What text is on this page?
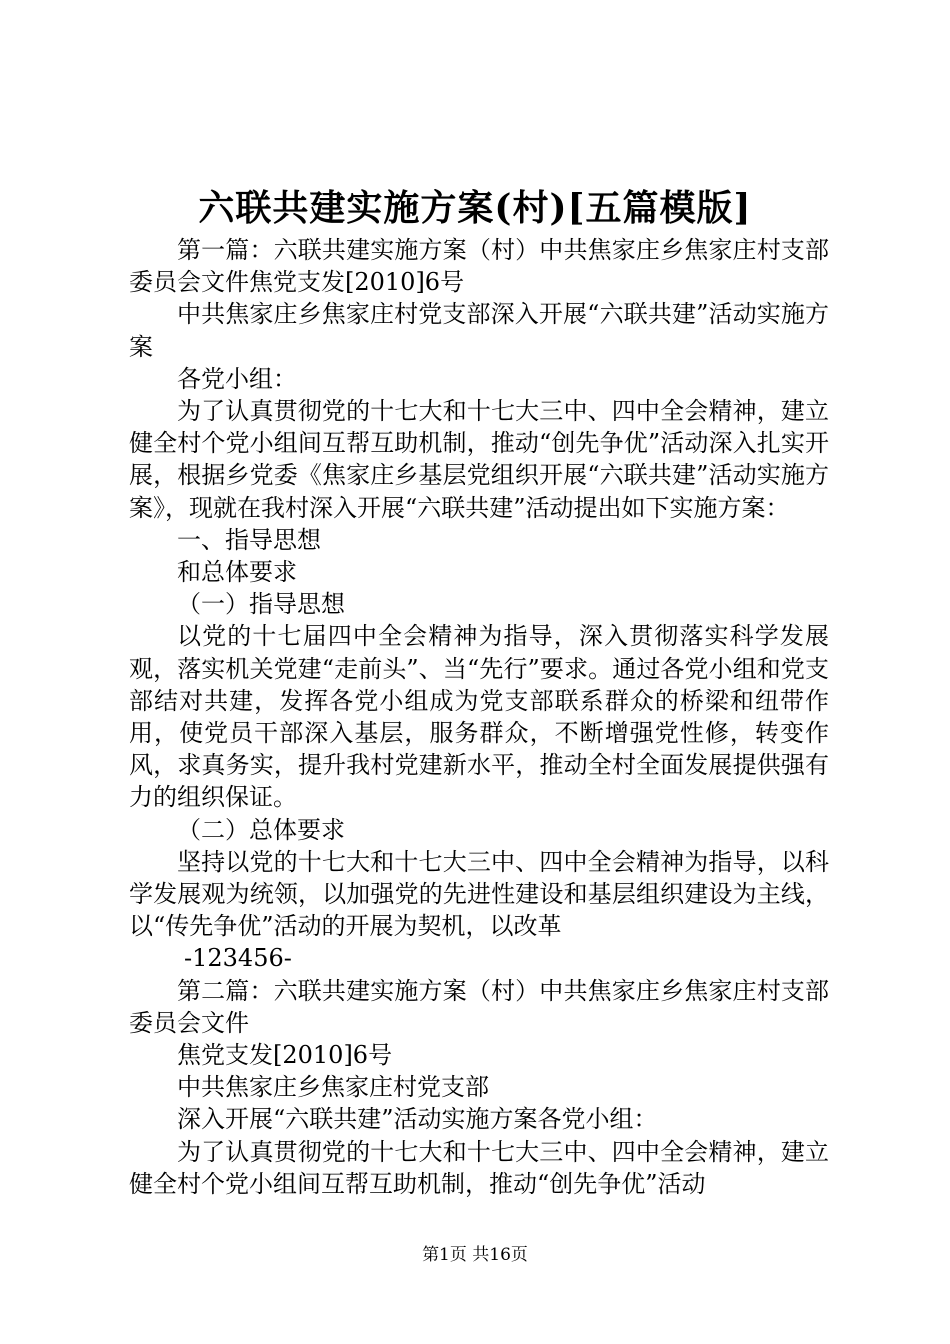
六联共建实施方案(村)[五篇模版]

第一篇：六联共建实施方案（村）中共焦家庄乡焦家庄村支部委员会文件焦党支发[2010]6号

中共焦家庄乡焦家庄村党支部深入开展“六联共建”活动实施方案

各党小组：

为了认真贯彻党的十七大和十七大三中、四中全会精神，建立健全村个党小组间互帮互助机制，推动“创先争优”活动深入扎实开展，根据乡党委《焦家庄乡基层党组织开展“六联共建”活动实施方案》，现就在我村深入开展“六联共建”活动提出如下实施方案：

一、指导思想

和总体要求

（一）指导思想

以党的十七届四中全会精神为指导，深入贯彻落实科学发展观，落实机关党建“走前头”、当“先行”要求。通过各党小组和党支部结对共建，发挥各党小组成为党支部联系群众的桥梁和纽带作用，使党员干部深入基层，服务群众，不断增强党性修，转变作风，求真务实，提升我村党建新水平，推动全村全面发展提供强有力的组织保证。

（二）总体要求

坚持以党的十七大和十七大三中、四中全会精神为指导，以科学发展观为统领，以加强党的先进性建设和基层组织建设为主线，以“传先争优”活动的开展为契机，以改革

-123456-

第二篇：六联共建实施方案（村）中共焦家庄乡焦家庄村支部委员会文件

焦党支发[2010]6号

中共焦家庄乡焦家庄村党支部

深入开展“六联共建”活动实施方案各党小组：

为了认真贯彻党的十七大和十七大三中、四中全会精神，建立健全村个党小组间互帮互助机制，推动“创先争优”活动

第1页 共16页
